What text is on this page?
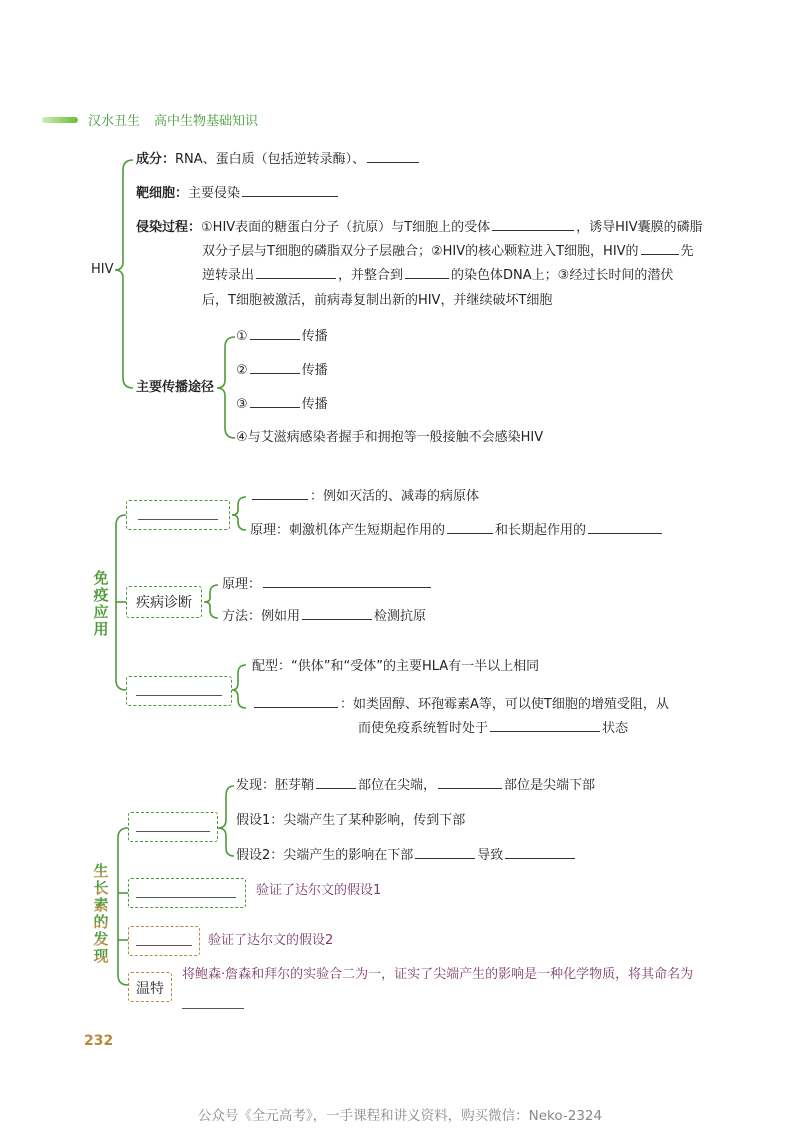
汉水丑生 高中生物基础知识
HIV
成分：RNA、蛋白质（包括逆转录酶）、
靶细胞：主要侵染
侵染过程：①HIV表面的糖蛋白分子（抗原）与T细胞上的受体	，诱导HIV囊膜的磷脂
双分子层与T细胞的磷脂双分子层融合；②HIV的核心颗粒进入T细胞，HIV的	先
逆转录出	，并整合到	的染色体DNA上；③经过长时间的潜伏
后，T细胞被激活，前病毒复制出新的HIV，并继续破坏T细胞
主要传播途径
①	传播
②	传播
③	传播
④与艾滋病感染者握手和拥抱等一般接触不会感染HIV
免疫应用
：例如灭活的、减毒的病原体
原理：刺激机体产生短期起作用的	和长期起作用的
疾病诊断
原理：
方法：例如用	检测抗原
配型：“供体”和“受体”的主要HLA有一半以上相同
：如类固醇、环孢霉素A等，可以使T细胞的增殖受阻，从
而使免疫系统暂时处于	状态
生长素的发现
发现：胚芽鞘	部位在尖端，	部位是尖端下部
假设1：尖端产生了某种影响，传到下部
假设2：尖端产生的影响在下部	导致
验证了达尔文的假设1
验证了达尔文的假设2
温特
将鲍森·詹森和拜尔的实验合二为一，证实了尖端产生的影响是一种化学物质，将其命名为
232
公众号《全元高考》，一手课程和讲义资料，购买微信：Neko-2324
